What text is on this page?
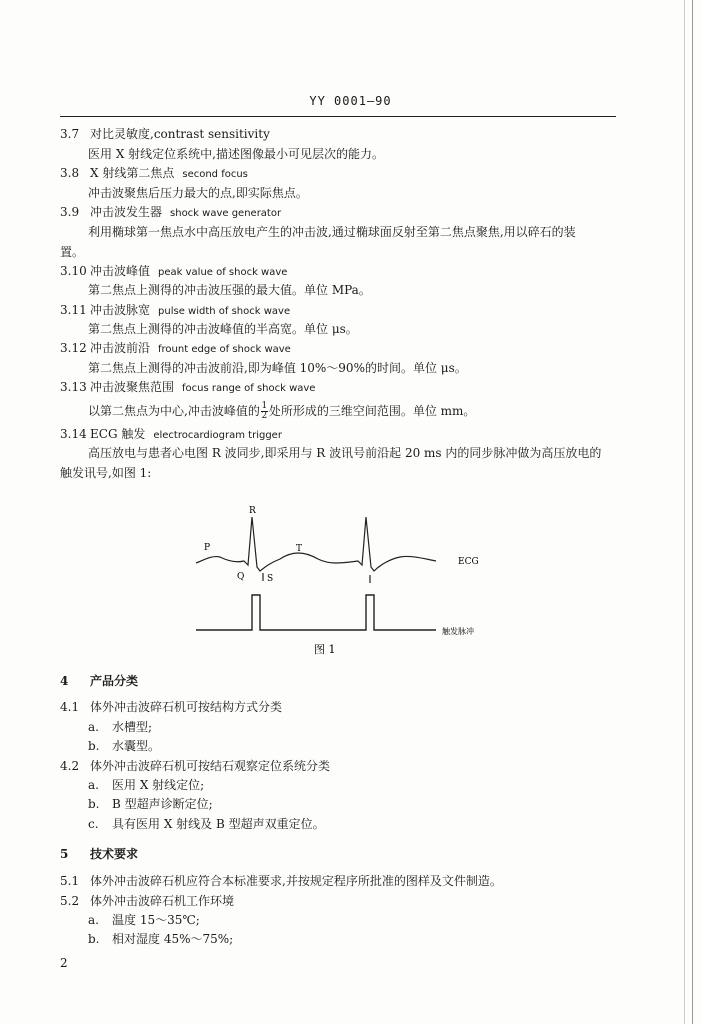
YY 0001—90
3.7 对比灵敏度,contrast sensitivity
医用 X 射线定位系统中,描述图像最小可见层次的能力。
3.8 X 射线第二焦点 second focus
冲击波聚焦后压力最大的点,即实际焦点。
3.9 冲击波发生器 shock wave generator
利用椭球第一焦点水中高压放电产生的冲击波,通过椭球面反射至第二焦点聚焦,用以碎石的装
置。
3.10 冲击波峰值 peak value of shock wave
第二焦点上测得的冲击波压强的最大值。单位 MPa。
3.11 冲击波脉宽 pulse width of shock wave
第二焦点上测得的冲击波峰值的半高宽。单位 μs。
3.12 冲击波前沿 frount edge of shock wave
第二焦点上测得的冲击波前沿,即为峰值 10%～90%的时间。单位 μs。
3.13 冲击波聚焦范围 focus range of shock wave
以第二焦点为中心,冲击波峰值的 $\frac{1}{2}$ 处所形成的三维空间范围。单位 mm。
3.14 ECG 触发 electrocardiogram trigger
高压放电与患者心电图 R 波同步,即采用与 R 波讯号前沿起 20 ms 内的同步脉冲做为高压放电的
触发讯号,如图 1:
P
R
T
Q	S
ECG
触发脉冲
图 1
4 产品分类
4.1 体外冲击波碎石机可按结构方式分类
a. 水槽型;
b. 水囊型。
4.2 体外冲击波碎石机可按结石观察定位系统分类
a. 医用 X 射线定位;
b. B 型超声诊断定位;
c. 具有医用 X 射线及 B 型超声双重定位。
5 技术要求
5.1 体外冲击波碎石机应符合本标准要求,并按规定程序所批准的图样及文件制造。
5.2 体外冲击波碎石机工作环境
a. 温度 15～35℃;
b. 相对湿度 45%～75%;
2
